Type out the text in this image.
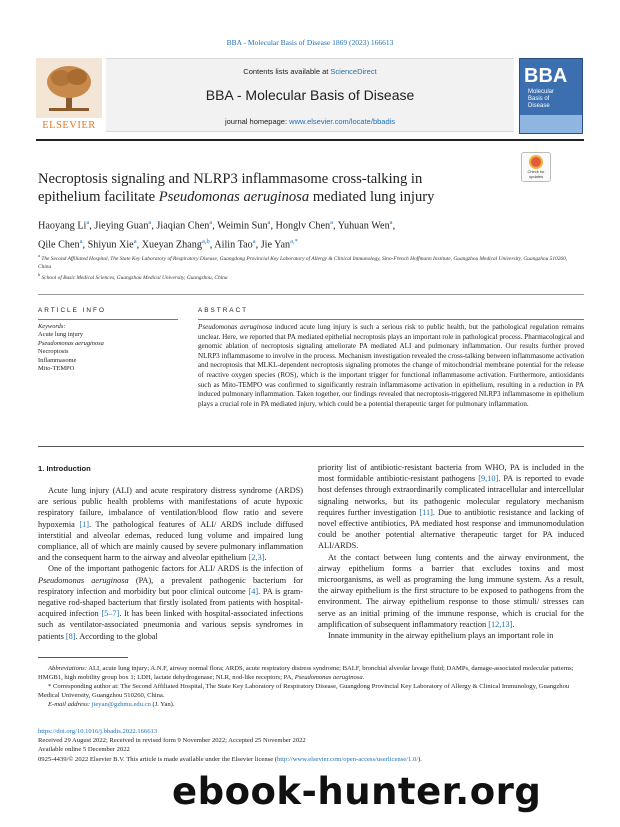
BBA - Molecular Basis of Disease 1869 (2023) 166613
ELSEVIER
Contents lists available at ScienceDirect
BBA - Molecular Basis of Disease
journal homepage: www.elsevier.com/locate/bbadis
BBA
Molecular
Basis of
Disease
Check for
updates
Necroptosis signaling and NLRP3 inflammasome cross-talking in
epithelium facilitate Pseudomonas aeruginosa mediated lung injury
Haoyang Li$^a$, Jieying Guan$^a$, Jiaqian Chen$^a$, Weimin Sun$^a$, Honglv Chen$^a$, Yuhuan Wen$^a$,
Qile Chen$^a$, Shiyun Xie$^a$, Xueyan Zhang$^{a,b}$, Ailin Tao$^a$, Jie Yan$^{a,*}$
$^a$ The Second Affiliated Hospital, The State Key Laboratory of Respiratory Disease, Guangdong Provincial Key Laboratory of Allergy & Clinical Immunology, Sino-French Hoffmann Institute, Guangzhou Medical University, Guangzhou 510260, China
$^b$ School of Basic Medical Sciences, Guangzhou Medical University, Guangzhou, China
ARTICLE INFO
Keywords:
Acute lung injury
Pseudomonas aeruginosa
Necroptosis
Inflammasome
Mito-TEMPO
ABSTRACT
Pseudomonas aeruginosa induced acute lung injury is such a serious risk to public health, but the pathological regulation remains unclear. Here, we reported that PA mediated epithelial necroptosis plays an important role in pathological process. Pharmacological and genomic ablation of necroptosis signaling ameliorate PA mediated ALI and pulmonary inflammation. Our results further proved NLRP3 inflammasome to involve in the process. Mechanism investigation revealed the cross-talking between inflammasome activation and necroptosis that MLKL-dependent necroptosis signaling promotes the change of mitochondrial membrane potential for the release of reactive oxygen species (ROS), which is the important trigger for functional inflammasome activation. Furthermore, antioxidants such as Mito-TEMPO was confirmed to significantly restrain inflammasome activation in epithelium, resulting in a reduction in PA induced pulmonary inflammation. Taken together, our findings revealed that necroptosis-triggered NLRP3 inflammasome in epithelium plays a crucial role in PA mediated injury, which could be a potential therapeutic target for pulmonary inflammation.
1. Introduction

Acute lung injury (ALI) and acute respiratory distress syndrome (ARDS) are serious public health problems with manifestations of acute hypoxic respiratory failure, imbalance of ventilation/blood flow ratio and severe hypoxemia [1]. The pathological features of ALI/ ARDS include diffused interstitial and alveolar edemas, reduced lung volume and impaired lung compliance, all of which are mainly caused by severe pulmonary inflammation and the consequent harm to the airway and alveolar epithelium [2,3].

One of the important pathogenic factors for ALI/ ARDS is the infection of Pseudomonas aeruginosa (PA), a prevalent pathogenic bacterium for respiratory infection and morbidity but poor clinical outcome [4]. PA is gram-negative rod-shaped bacterium that firstly isolated from patients with hospital-acquired infection [5–7]. It has been linked with hospital-associated infections such as ventilator-associated pneumonia and various sepsis syndromes in patients [8]. According to the global

priority list of antibiotic-resistant bacteria from WHO, PA is included in the most formidable antibiotic-resistant pathogens [9,10]. PA is reported to evade host defenses through extraordinarily complicated intracellular and intercellular signaling networks, but its pathogenic molecular regulatory mechanism requires further investigation [11]. Due to antibiotic resistance and lacking of novel effective antibiotics, PA mediated host response and immunomodulation could be another potential alternative therapeutic target for PA induced ALI/ARDS.

At the contact between lung contents and the airway environment, the airway epithelium forms a barrier that excludes toxins and most microorganisms, as well as programing the lung immune system. As a result, the airway epithelium is the first structure to be exposed to pathogens from the environment. The airway epithelium response to those stimuli/ stresses can serve as an initial priming of the immune response, which is crucial for the amplification of subsequent inflammatory reaction [12,13].

Innate immunity in the airway epithelium plays an important role in

Abbreviations: ALI, acute lung injury; A.N.F, airway normal flora; ARDS, acute respiratory distress syndrome; BALF, bronchial alveolar lavage fluid; DAMPs, damage-associated molecular patterns; HMGB1, high mobility group box 1; LDH, lactate dehydrogenase; NLR, nod-like receptors; PA, Pseudomonas aeruginosa.

* Corresponding author at: The Second Affiliated Hospital, The State Key Laboratory of Respiratory Disease, Guangdong Provincial Key Laboratory of Allergy & Clinical Immunology, Guangzhou Medical University, Guangzhou 510260, China.

E-mail address: jieyan@gzhmu.edu.cn (J. Yan).

https://doi.org/10.1016/j.bbadis.2022.166613
Received 29 August 2022; Received in revised form 9 November 2022; Accepted 25 November 2022
Available online 5 December 2022
0925-4439/© 2022 Elsevier B.V. This article is made available under the Elsevier license (http://www.elsevier.com/open-access/userlicense/1.0/).
ebook-hunter.org
